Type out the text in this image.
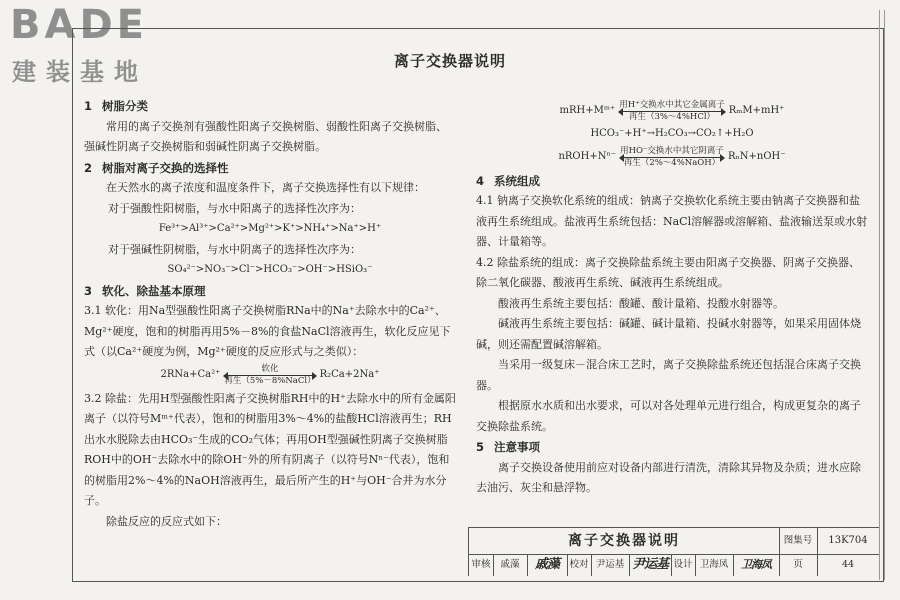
BADE
建装基地	离子交换器说明
1 树脂分类

常用的离子交换剂有强酸性阳离子交换树脂、弱酸性阳离子交换树脂、强碱性阴离子交换树脂和弱碱性阴离子交换树脂。

2 树脂对离子交换的选择性

在天然水的离子浓度和温度条件下，离子交换选择性有以下规律：

对于强酸性阳树脂，与水中阳离子的选择性次序为：

Fe³⁺>Al³⁺>Ca²⁺>Mg²⁺>K⁺>NH₄⁺>Na⁺>H⁺

对于强碱性阴树脂，与水中阴离子的选择性次序为：

SO₄²⁻>NO₃⁻>Cl⁻>HCO₃⁻>OH⁻>HSiO₃⁻
3 软化、除盐基本原理

3.1 软化：用Na型强酸性阳离子交换树脂RNa中的Na⁺去除水中的Ca²⁺、Mg²⁺硬度，饱和的树脂再用5%－8%的食盐NaCl溶液再生，软化反应见下式（以Ca²⁺硬度为例，Mg²⁺硬度的反应形式与之类似）：

2RNa+Ca²⁺
软化
再生（5%－8%NaCl）
R₂Ca+2Na⁺

3.2 除盐：先用H型强酸性阳离子交换树脂RH中的H⁺去除水中的所有金属阳离子（以符号Mᵐ⁺代表），饱和的树脂用3%～4%的盐酸HCl溶液再生；RH出水水脱除去由HCO₃⁻生成的CO₂气体；再用OH型强碱性阴离子交换树脂ROH中的OH⁻去除水中的除OH⁻外的所有阴离子（以符号Nⁿ⁻代表），饱和的树脂用2%～4%的NaOH溶液再生，最后所产生的H⁺与OH⁻合并为水分子。

除盐反应的反应式如下：

mRH+Mᵐ⁺
用H⁺交换水中其它金属离子
再生（3%～4%HCl）
RₘM+mH⁺
HCO₃⁻+H⁺→H₂CO₃→CO₂↑+H₂O
nROH+Nⁿ⁻
用HO⁻交换水中其它阴离子
再生（2%～4%NaOH）
RₙN+nOH⁻
4 系统组成

4.1 钠离子交换软化系统的组成：钠离子交换软化系统主要由钠离子交换器和盐液再生系统组成。盐液再生系统包括：NaCl溶解器或溶解箱、盐液输送泵或水射器、计量箱等。

4.2 除盐系统的组成：离子交换除盐系统主要由阳离子交换器、阴离子交换器、除二氧化碳器、酸液再生系统、碱液再生系统组成。

酸液再生系统主要包括：酸罐、酸计量箱、投酸水射器等。

碱液再生系统主要包括：碱罐、碱计量箱、投碱水射器等，如果采用固体烧碱，则还需配置碱溶解箱。

当采用一级复床－混合床工艺时，离子交换除盐系统还包括混合床离子交换器。

根据原水水质和出水要求，可以对各处理单元进行组合，构成更复杂的离子交换除盐系统。

5 注意事项

离子交换设备使用前应对设备内部进行清洗，清除其异物及杂质；进水应除去油污、灰尘和悬浮物。

离子交换器说明	图集号	13K704
审核	戚藻	戚藻	校对 尹运基 尹运基 设计 卫海凤	卫海凤	页	44
